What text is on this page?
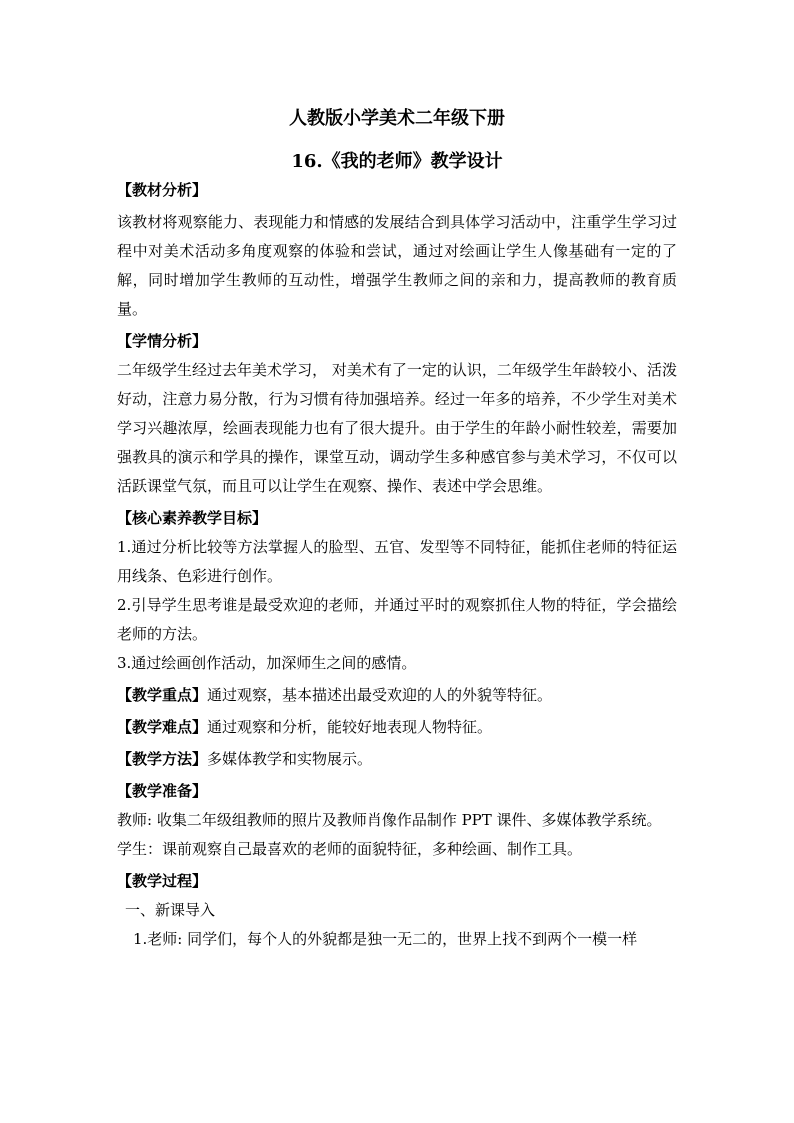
人教版小学美术二年级下册
16.《我的老师》教学设计
【教材分析】
该教材将观察能力、表现能力和情感的发展结合到具体学习活动中，注重学生学习过程中对美术活动多角度观察的体验和尝试，通过对绘画让学生人像基础有一定的了解，同时增加学生教师的互动性，增强学生教师之间的亲和力，提高教师的教育质量。
【学情分析】
二年级学生经过去年美术学习， 对美术有了一定的认识，二年级学生年龄较小、活泼好动，注意力易分散，行为习惯有待加强培养。经过一年多的培养，不少学生对美术学习兴趣浓厚，绘画表现能力也有了很大提升。由于学生的年龄小耐性较差，需要加强教具的演示和学具的操作，课堂互动，调动学生多种感官参与美术学习，不仅可以活跃课堂气氛，而且可以让学生在观察、操作、表述中学会思维。
【核心素养教学目标】
1.通过分析比较等方法掌握人的脸型、五官、发型等不同特征，能抓住老师的特征运用线条、色彩进行创作。
2.引导学生思考谁是最受欢迎的老师，并通过平时的观察抓住人物的特征，学会描绘老师的方法。
3.通过绘画创作活动，加深师生之间的感情。
【教学重点】通过观察，基本描述出最受欢迎的人的外貌等特征。
【教学难点】通过观察和分析，能较好地表现人物特征。
【教学方法】多媒体教学和实物展示。
【教学准备】
教师: 收集二年级组教师的照片及教师肖像作品制作 PPT 课件、多媒体教学系统。
学生：课前观察自己最喜欢的老师的面貌特征，多种绘画、制作工具。
【教学过程】
一、新课导入
1.老师: 同学们，每个人的外貌都是独一无二的，世界上找不到两个一模一样
